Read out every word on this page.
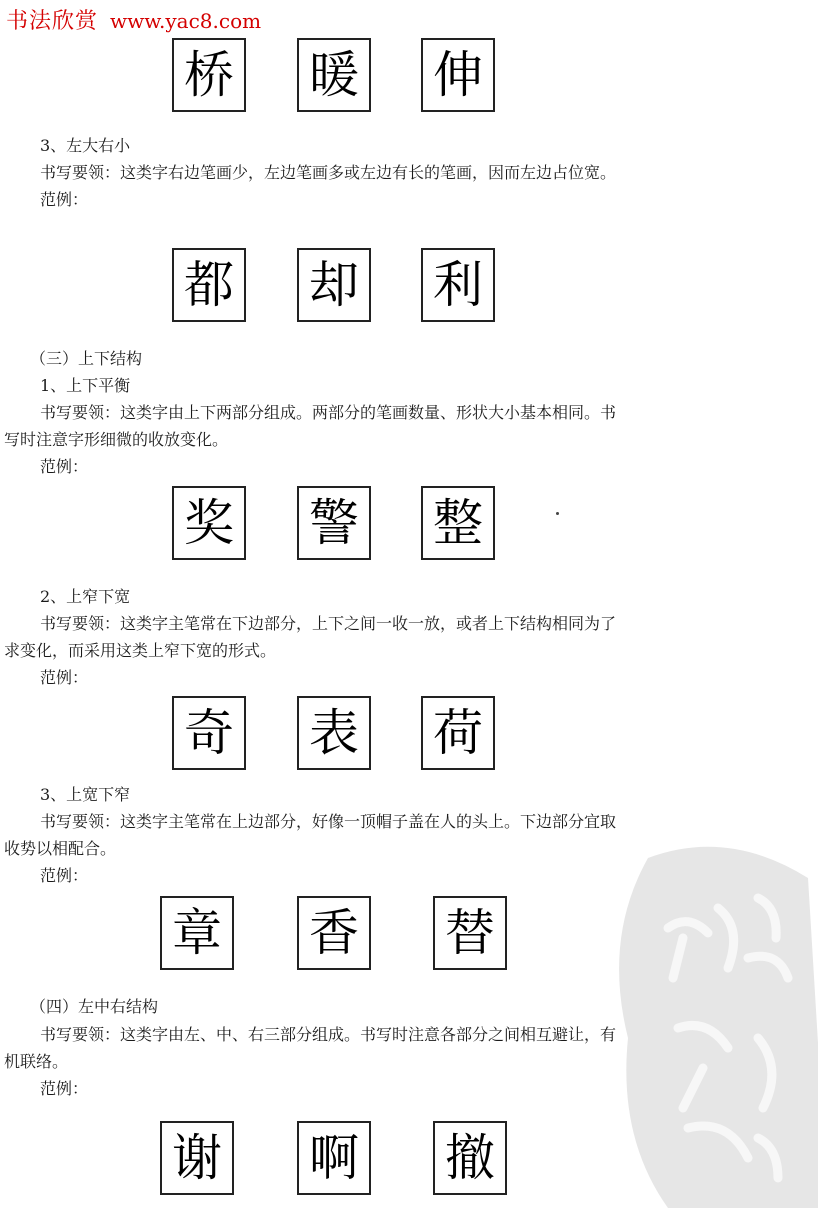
书法欣赏 www.yac8.com
桥 暖 伸
3、左大右小
书写要领：这类字右边笔画少，左边笔画多或左边有长的笔画，因而左边占位宽。
范例：
都 却 利
（三）上下结构
1、上下平衡
书写要领：这类字由上下两部分组成。两部分的笔画数量、形状大小基本相同。书
写时注意字形细微的收放变化。
范例：
奖 警 整
2、上窄下宽
书写要领：这类字主笔常在下边部分，上下之间一收一放，或者上下结构相同为了
求变化，而采用这类上窄下宽的形式。
范例：
奇 表 荷
3、上宽下窄
书写要领：这类字主笔常在上边部分，好像一顶帽子盖在人的头上。下边部分宜取
收势以相配合。
范例：
章 香 替
（四）左中右结构
书写要领：这类字由左、中、右三部分组成。书写时注意各部分之间相互避让，有
机联络。
范例：
谢 啊 撤
